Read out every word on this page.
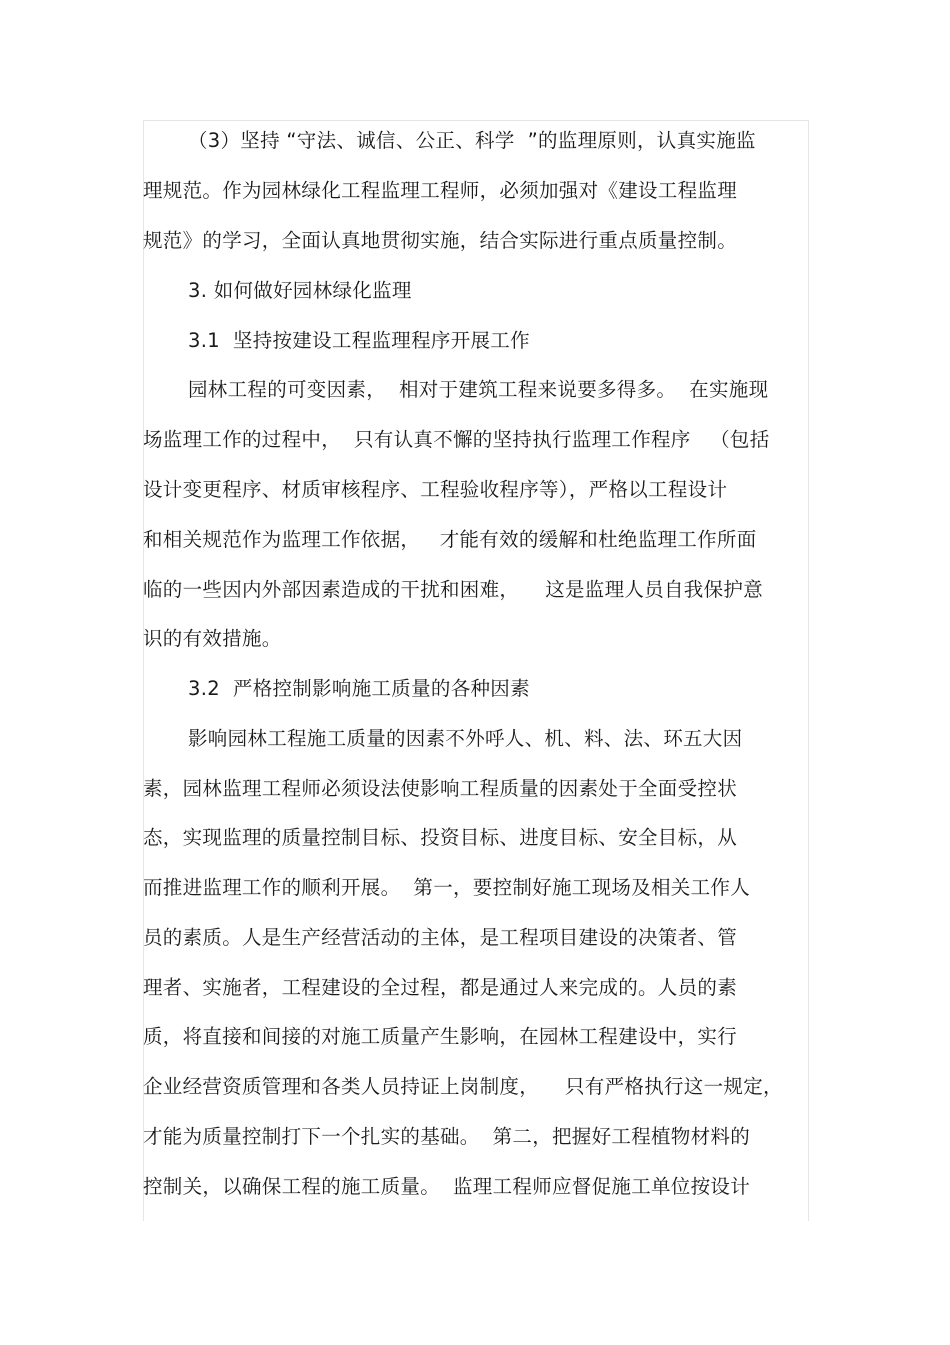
（3）坚持 “守法、诚信、公正、科学  ”的监理原则，认真实施监
理规范。作为园林绿化工程监理工程师，必须加强对《建设工程监理
规范》的学习，全面认真地贯彻实施，结合实际进行重点质量控制。
3. 如何做好园林绿化监理
3.1  坚持按建设工程监理程序开展工作
园林工程的可变因素，  相对于建筑工程来说要多得多。  在实施现
场监理工作的过程中，  只有认真不懈的坚持执行监理工作程序   （包括
设计变更程序、材质审核程序、工程验收程序等），严格以工程设计
和相关规范作为监理工作依据，   才能有效的缓解和杜绝监理工作所面
临的一些因内外部因素造成的干扰和困难，    这是监理人员自我保护意
识的有效措施。
3.2  严格控制影响施工质量的各种因素
影响园林工程施工质量的因素不外呼人、机、料、法、环五大因
素，园林监理工程师必须设法使影响工程质量的因素处于全面受控状
态，实现监理的质量控制目标、投资目标、进度目标、安全目标，从
而推进监理工作的顺利开展。  第一，要控制好施工现场及相关工作人
员的素质。人是生产经营活动的主体，是工程项目建设的决策者、管
理者、实施者，工程建设的全过程，都是通过人来完成的。人员的素
质，将直接和间接的对施工质量产生影响，在园林工程建设中，实行
企业经营资质管理和各类人员持证上岗制度，    只有严格执行这一规定，
才能为质量控制打下一个扎实的基础。  第二，把握好工程植物材料的
控制关，以确保工程的施工质量。  监理工程师应督促施工单位按设计
